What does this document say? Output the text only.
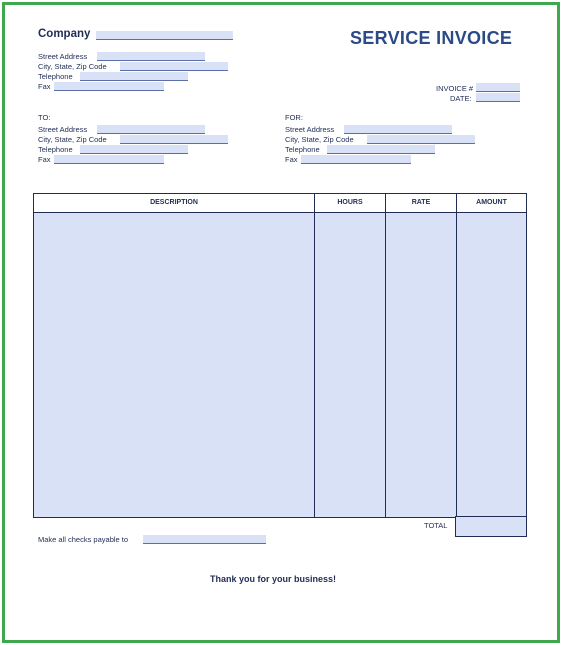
Company	SERVICE INVOICE
Street Address
City, State, Zip Code
Telephone
Fax	INVOICE #
DATE:
TO:
Street Address
City, State, Zip Code
Telephone
Fax
FOR:
Street Address
City, State, Zip Code
Telephone
Fax
DESCRIPTION	HOURS	RATE	AMOUNT
TOTAL
Make all checks payable to
Thank you for your business!
